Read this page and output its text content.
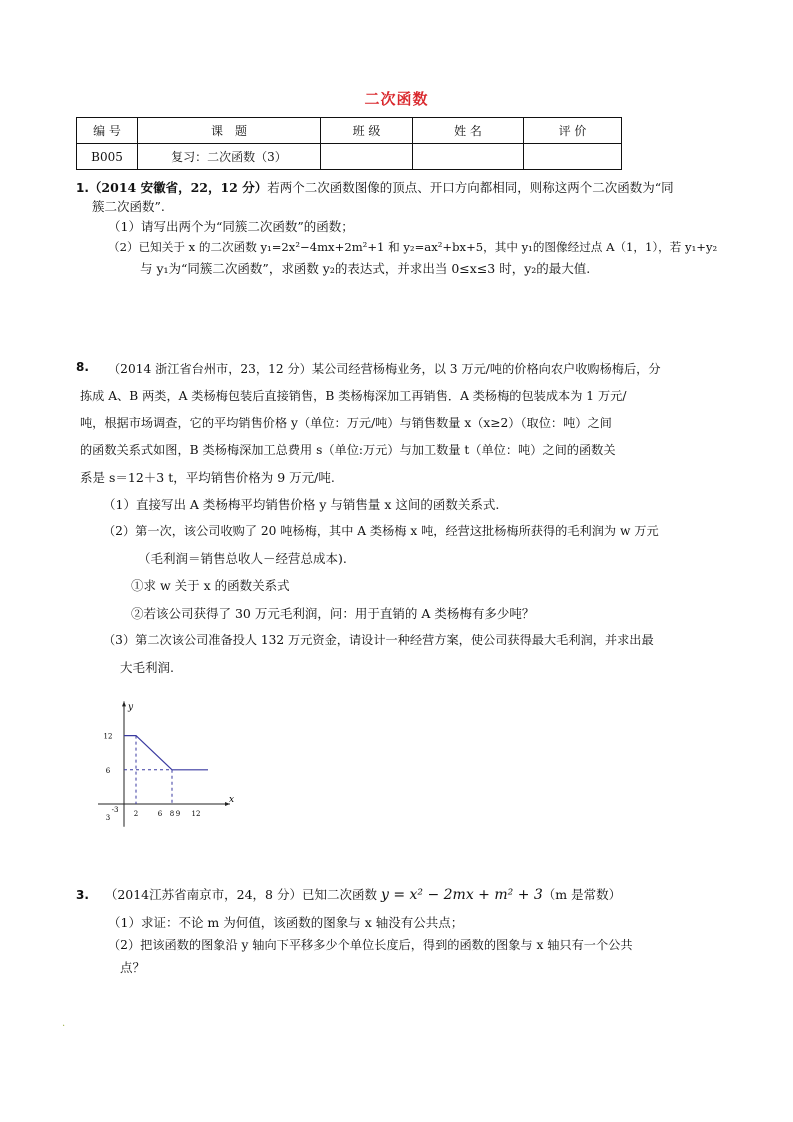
二次函数
编 号	课　题	班 级	姓 名	评 价
B005	复习：二次函数（3）			
1.（2014 安徽省，22，12 分）若两个二次函数图像的顶点、开口方向都相同，则称这两个二次函数为“同
簇二次函数”.
（1）请写出两个为“同簇二次函数”的函数；
（2）已知关于 x 的二次函数 y₁=2x²−4mx+2m²+1 和 y₂=ax²+bx+5，其中 y₁的图像经过点 A（1，1），若 y₁+y₂
与 y₁为“同簇二次函数”，求函数 y₂的表达式，并求出当 0≤x≤3 时，y₂的最大值.
8. （2014 浙江省台州市，23，12 分）某公司经营杨梅业务，以 3 万元/吨的价格向农户收购杨梅后，分
拣成 A、B 两类，A 类杨梅包装后直接销售，B 类杨梅深加工再销售．A 类杨梅的包装成本为 1 万元/
吨，根据市场调查，它的平均销售价格 y（单位：万元/吨）与销售数量 x（x≥2）（取位：吨）之间
的函数关系式如图，B 类杨梅深加工总费用 s（单位:万元）与加工数量 t（单位：吨）之间的函数关
系是 s＝12＋3 t，平均销售价格为 9 万元/吨.
（1）直接写出 A 类杨梅平均销售价格 y 与销售量 x 这间的函数关系式.
（2）第一次，该公司收购了 20 吨杨梅，其中 A 类杨梅 x 吨，经营这批杨梅所获得的毛利润为 w 万元
（毛利润＝销售总收人－经营总成本).
①求 w 关于 x 的函数关系式
②若该公司获得了 30 万元毛利润，问：用于直销的 A 类杨梅有多少吨？
（3）第二次该公司准备投人 132 万元资金，请设计一种经营方案，使公司获得最大毛利润，并求出最
大毛利润.
x
y
-3 2	6 8 9 12
12
6
3
3. （2014江苏省南京市，24，8 分）已知二次函数 y = x² − 2mx + m² + 3（m 是常数）
（1）求证：不论 m 为何值，该函数的图象与 x 轴没有公共点；
（2）把该函数的图象沿 y 轴向下平移多少个单位长度后，得到的函数的图象与 x 轴只有一个公共
点？
.
